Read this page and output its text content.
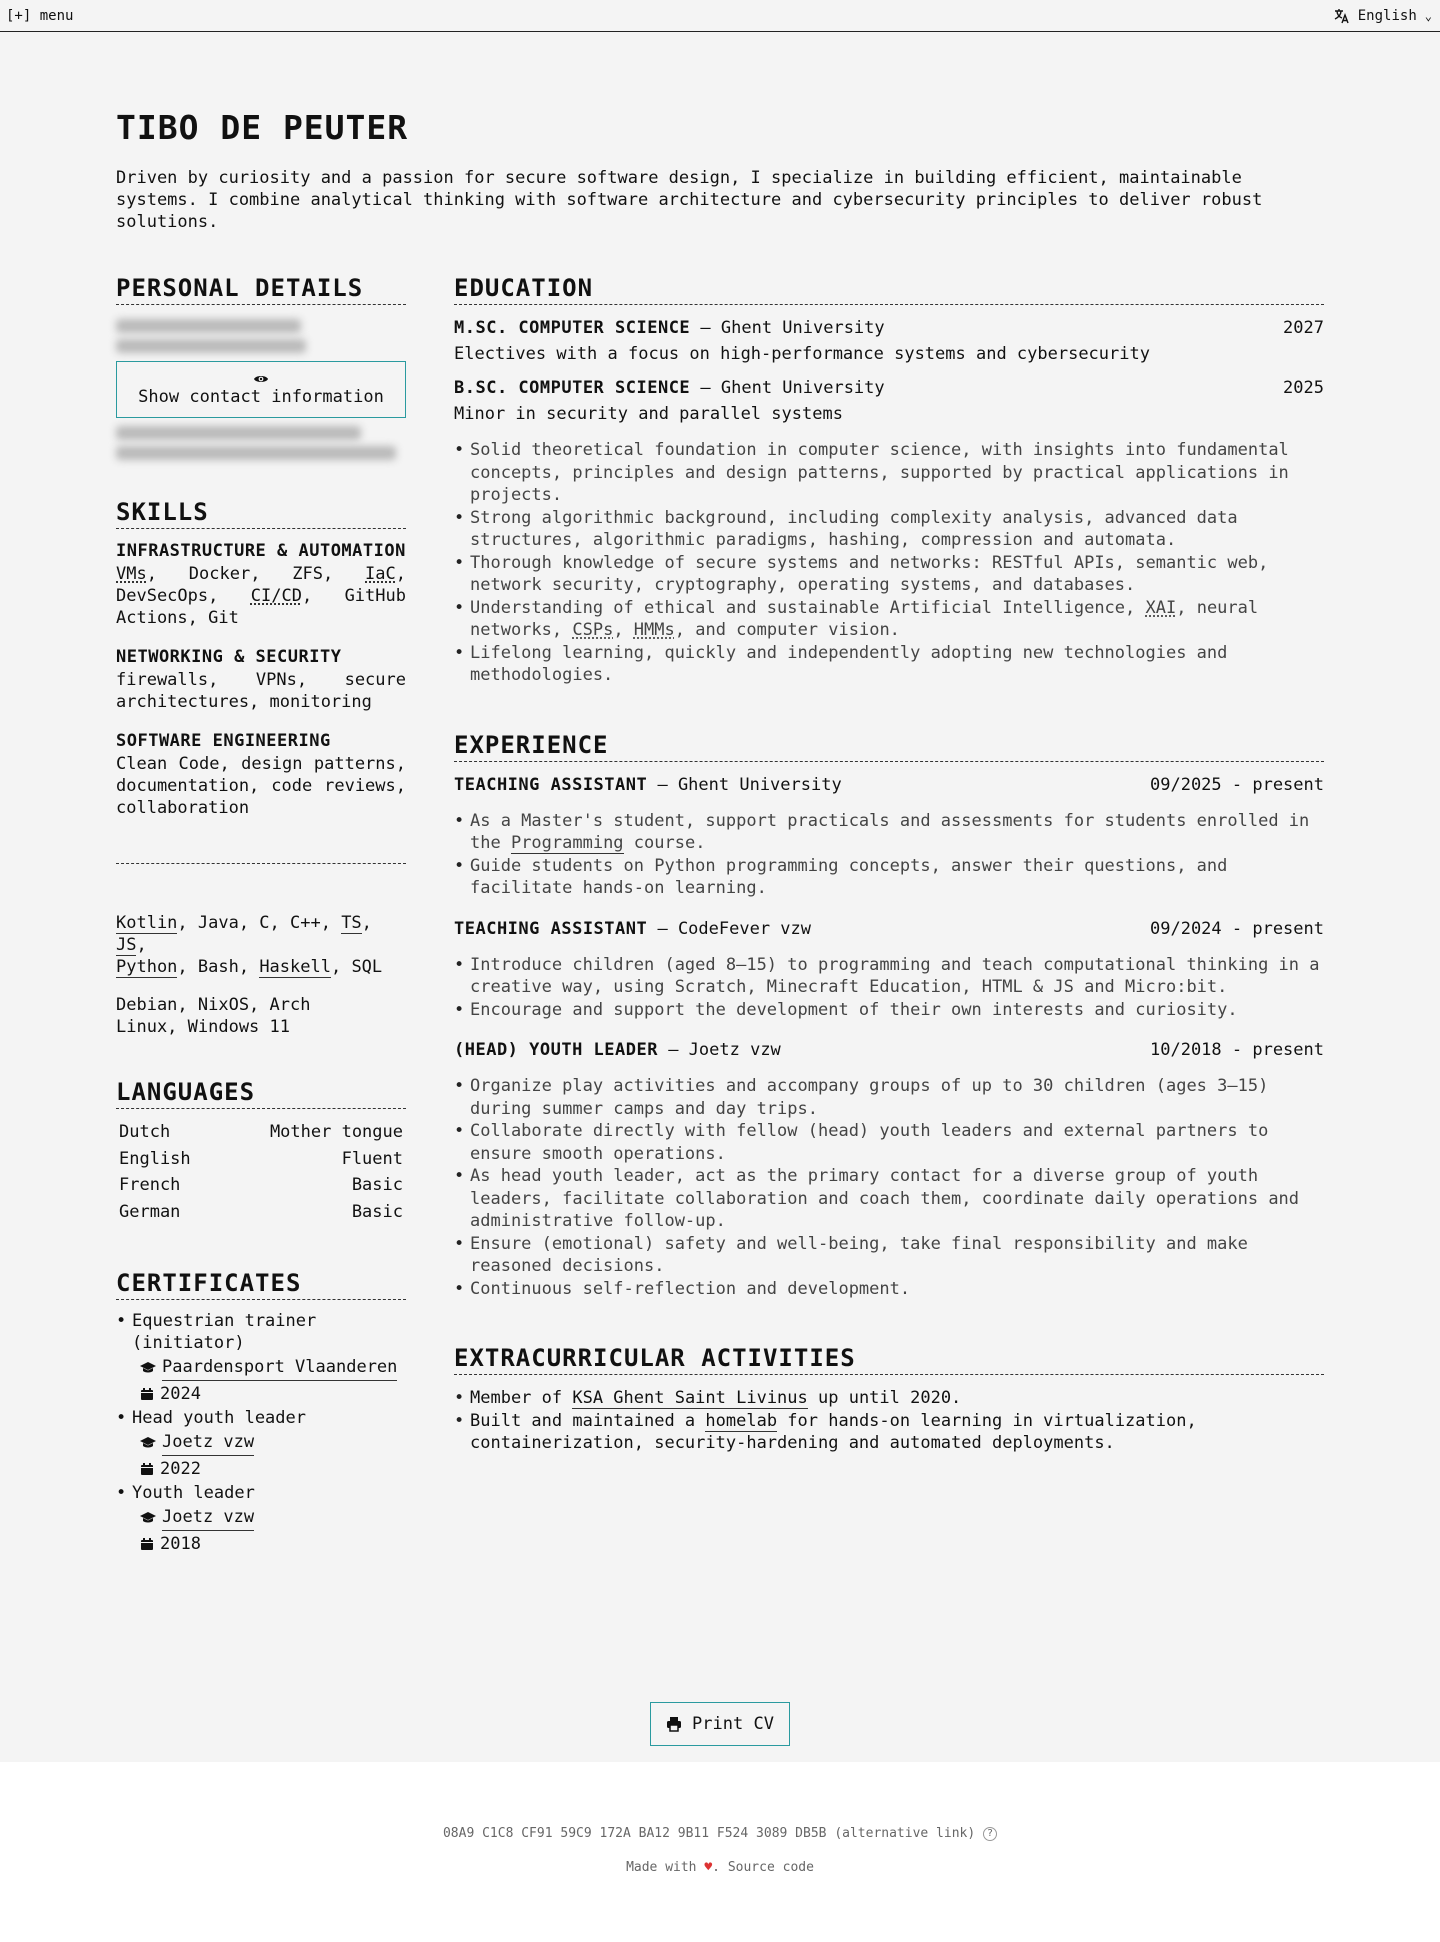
[+] menu	English ⌄
TIBO DE PEUTER

Driven by curiosity and a passion for secure software design, I specialize in building efficient, maintainable systems. I combine analytical thinking with software architecture and cybersecurity principles to deliver robust solutions.

PERSONAL DETAILS
Show contact information
SKILLS
INFRASTRUCTURE & AUTOMATION
VMs, Docker, ZFS, IaC, DevSecOps, CI/CD, GitHub Actions, Git
NETWORKING & SECURITY
firewalls, VPNs, secure architectures, monitoring
SOFTWARE ENGINEERING
Clean Code, design patterns, documentation, code reviews, collaboration
Kotlin, Java, C, C++, TS, JS,
Python, Bash, Haskell, SQL
Debian, NixOS, Arch Linux, Windows 11
LANGUAGES
Dutch	Mother tongue
English	Fluent
French	Basic
German	Basic
CERTIFICATES
• Equestrian trainer (initiator)
Paardensport Vlaanderen
2024
• Head youth leader
Joetz vzw
2022
• Youth leader
Joetz vzw
2018
EDUCATION
M.SC. COMPUTER SCIENCE – Ghent University	2027
Electives with a focus on high-performance systems and cybersecurity
B.SC. COMPUTER SCIENCE – Ghent University	2025
Minor in security and parallel systems
• Solid theoretical foundation in computer science, with insights into fundamental concepts, principles and design patterns, supported by practical applications in projects.
• Strong algorithmic background, including complexity analysis, advanced data structures, algorithmic paradigms, hashing, compression and automata.
• Thorough knowledge of secure systems and networks: RESTful APIs, semantic web, network security, cryptography, operating systems, and databases.
• Understanding of ethical and sustainable Artificial Intelligence, XAI, neural networks, CSPs, HMMs, and computer vision.
• Lifelong learning, quickly and independently adopting new technologies and methodologies.
EXPERIENCE
TEACHING ASSISTANT – Ghent University	09/2025 - present
• As a Master's student, support practicals and assessments for students enrolled in the Programming course.
• Guide students on Python programming concepts, answer their questions, and facilitate hands-on learning.
TEACHING ASSISTANT – CodeFever vzw	09/2024 - present
• Introduce children (aged 8–15) to programming and teach computational thinking in a creative way, using Scratch, Minecraft Education, HTML & JS and Micro:bit.
• Encourage and support the development of their own interests and curiosity.
(HEAD) YOUTH LEADER – Joetz vzw	10/2018 - present
• Organize play activities and accompany groups of up to 30 children (ages 3–15) during summer camps and day trips.
• Collaborate directly with fellow (head) youth leaders and external partners to ensure smooth operations.
• As head youth leader, act as the primary contact for a diverse group of youth leaders, facilitate collaboration and coach them, coordinate daily operations and administrative follow-up.
• Ensure (emotional) safety and well-being, take final responsibility and make reasoned decisions.
• Continuous self-reflection and development.
EXTRACURRICULAR ACTIVITIES
• Member of KSA Ghent Saint Livinus up until 2020.
• Built and maintained a homelab for hands-on learning in virtualization, containerization, security-hardening and automated deployments.
Print CV
08A9 C1C8 CF91 59C9 172A BA12 9B11 F524 3089 DB5B (alternative link) ?
Made with ♥. Source code
